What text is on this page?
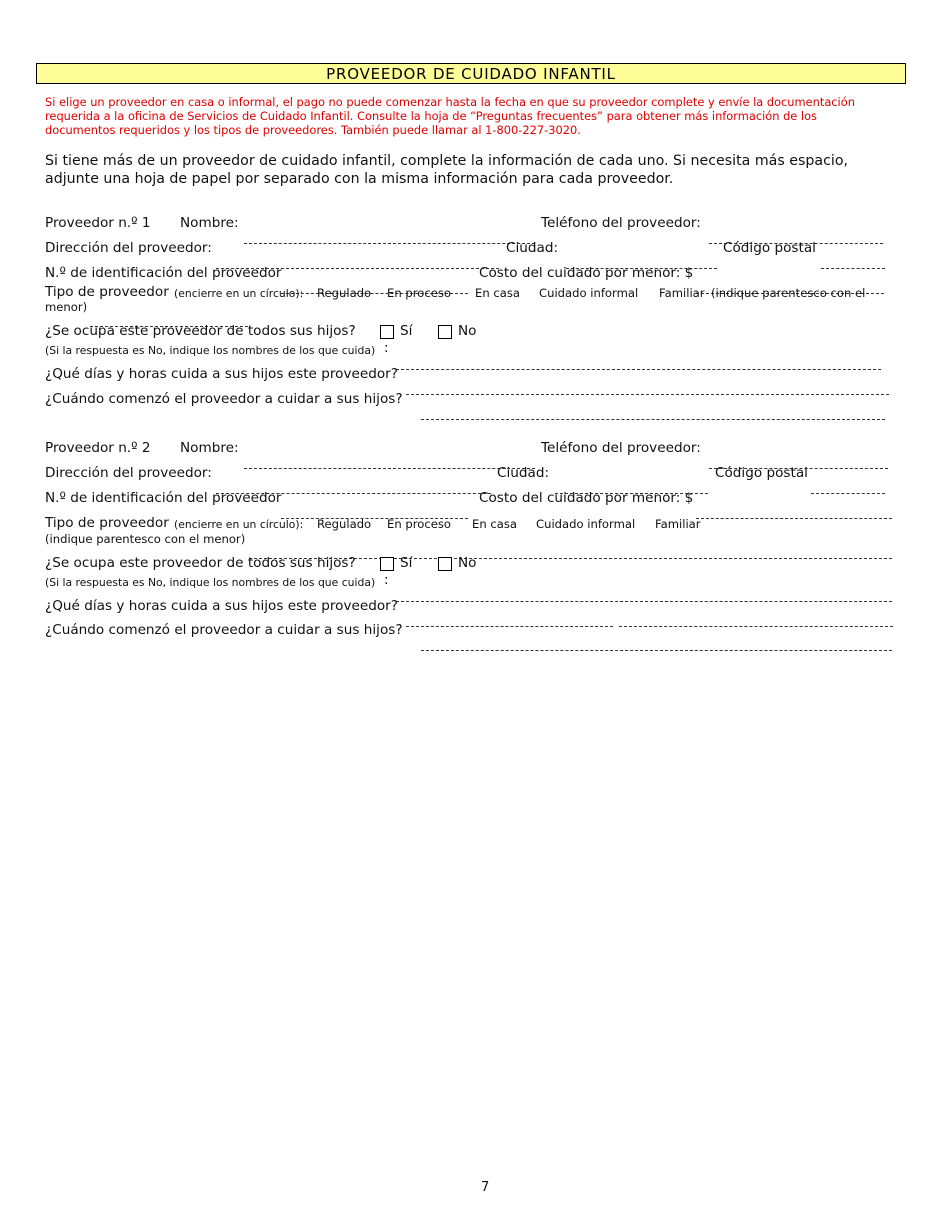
PROVEEDOR DE CUIDADO INFANTIL
Si elige un proveedor en casa o informal, el pago no puede comenzar hasta la fecha en que su proveedor complete y envíe la documentación
requerida a la oficina de Servicios de Cuidado Infantil. Consulte la hoja de “Preguntas frecuentes” para obtener más información de los
documentos requeridos y los tipos de proveedores. También puede llamar al 1-800-227-3020.
Si tiene más de un proveedor de cuidado infantil, complete la información de cada uno. Si necesita más espacio,
adjunte una hoja de papel por separado con la misma información para cada proveedor.
Proveedor n.º 1 Nombre:	Teléfono del proveedor:
Dirección del proveedor:	Ciudad:	Código postal
N.º de identificación del proveedor	Costo del cuidado por menor: $
Tipo de proveedor (encierre en un círculo): Regulado En proceso En casa Cuidado informal Familiar (indique parentesco con el
menor)
¿Se ocupa este proveedor de todos sus hijos?	Sí	No
(Si la respuesta es No, indique los nombres de los que cuida) :
¿Qué días y horas cuida a sus hijos este proveedor?
¿Cuándo comenzó el proveedor a cuidar a sus hijos?
Proveedor n.º 2 Nombre:	Teléfono del proveedor:
Dirección del proveedor:	Ciudad:	Código postal
N.º de identificación del proveedor	Costo del cuidado por menor: $
Tipo de proveedor (encierre en un círculo): Regulado En proceso En casa Cuidado informal Familiar
(indique parentesco con el menor)
¿Se ocupa este proveedor de todos sus hijos?	Sí	No
(Si la respuesta es No, indique los nombres de los que cuida) :
¿Qué días y horas cuida a sus hijos este proveedor?
¿Cuándo comenzó el proveedor a cuidar a sus hijos?
7
